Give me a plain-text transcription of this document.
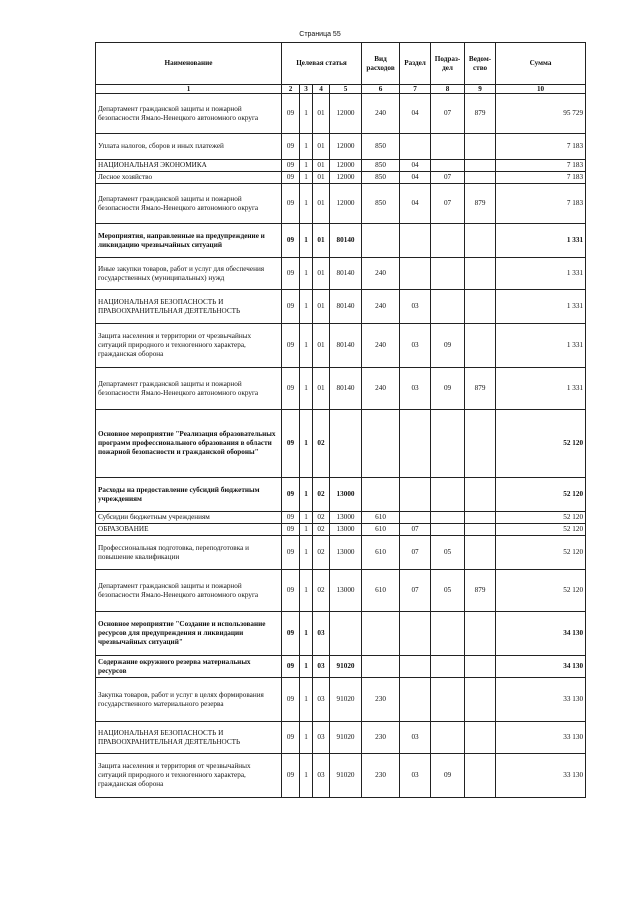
Страница 55
Наименование	Целевая статья				Вид расходов	Раздел	Подраз-дел	Ведом-ство	Сумма
1	2	3	4	5	6	7	8	9	10
Департамент гражданской защиты и пожарной безопасности Ямало-Ненецкого автономного округа	09	1	01	12000	240	04	07	879	95 729
Уплата налогов, сборов и иных платежей	09	1	01	12000	850				7 183
НАЦИОНАЛЬНАЯ ЭКОНОМИКА	09	1	01	12000	850	04			7 183
Лесное хозяйство	09	1	01	12000	850	04	07		7 183
Департамент гражданской защиты и пожарной безопасности Ямало-Ненецкого автономного округа	09	1	01	12000	850	04	07	879	7 183
Мероприятия, направленные на предупреждение и ликвидацию чрезвычайных ситуаций	09	1	01	80140					1 331
Иные закупки товаров, работ и услуг для обеспечения государственных (муниципальных) нужд	09	1	01	80140	240				1 331
НАЦИОНАЛЬНАЯ БЕЗОПАСНОСТЬ И ПРАВООХРАНИТЕЛЬНАЯ ДЕЯТЕЛЬНОСТЬ	09	1	01	80140	240	03			1 331
Защита населения и территории от чрезвычайных ситуаций природного и техногенного характера, гражданская оборона	09	1	01	80140	240	03	09		1 331
Департамент гражданской защиты и пожарной безопасности Ямало-Ненецкого автономного округа	09	1	01	80140	240	03	09	879	1 331
Основное мероприятие "Реализация образовательных программ профессионального образования в области пожарной безопасности и гражданской обороны"	09	1	02						52 120
Расходы на предоставление субсидий бюджетным учреждениям	09	1	02	13000					52 120
Субсидии бюджетным учреждениям	09	1	02	13000	610				52 120
ОБРАЗОВАНИЕ	09	1	02	13000	610	07			52 120
Профессиональная подготовка, переподготовка и повышение квалификации	09	1	02	13000	610	07	05		52 120
Департамент гражданской защиты и пожарной безопасности Ямало-Ненецкого автономного округа	09	1	02	13000	610	07	05	879	52 120
Основное мероприятие "Создание и использование ресурсов для предупреждения и ликвидации чрезвычайных ситуаций"	09	1	03						34 130
Содержание окружного резерва материальных ресурсов	09	1	03	91020					34 130
Закупка товаров, работ и услуг в целях формирования государственного материального резерва	09	1	03	91020	230				33 130
НАЦИОНАЛЬНАЯ БЕЗОПАСНОСТЬ И ПРАВООХРАНИТЕЛЬНАЯ ДЕЯТЕЛЬНОСТЬ	09	1	03	91020	230	03			33 130
Защита населения и территория от чрезвычайных ситуаций природного и техногенного характера, гражданская оборона	09	1	03	91020	230	03	09		33 130
